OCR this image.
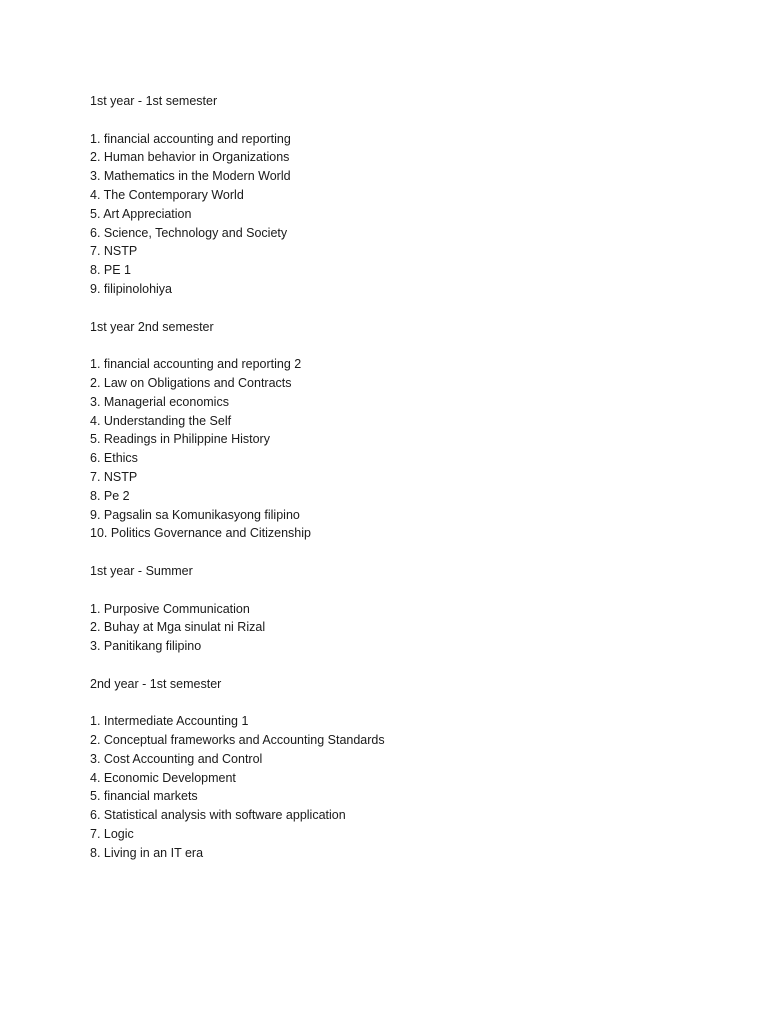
1st year - 1st semester
1. financial accounting and reporting
2. Human behavior in Organizations
3. Mathematics in the Modern World
4. The Contemporary World
5. Art Appreciation
6. Science, Technology and Society
7. NSTP
8. PE 1
9. filipinolohiya
1st year 2nd semester
1. financial accounting and reporting 2
2. Law on Obligations and Contracts
3. Managerial economics
4. Understanding the Self
5. Readings in Philippine History
6. Ethics
7. NSTP
8. Pe 2
9. Pagsalin sa Komunikasyong filipino
10. Politics Governance and Citizenship
1st year - Summer
1. Purposive Communication
2. Buhay at Mga sinulat ni Rizal
3. Panitikang filipino
2nd year - 1st semester
1. Intermediate Accounting 1
2. Conceptual frameworks and Accounting Standards
3. Cost Accounting and Control
4. Economic Development
5. financial markets
6. Statistical analysis with software application
7. Logic
8. Living in an IT era
